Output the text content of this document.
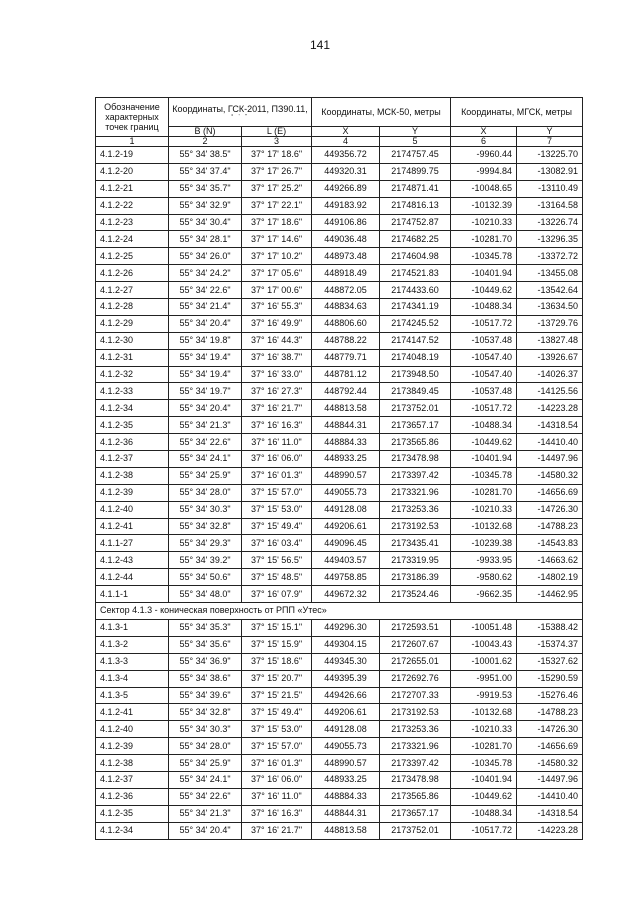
141
Обозначение характерных точек границ	Координаты, ГСК-2011, ПЗ90.11,
° ' "		Координаты, МСК-50, метры		Координаты, МГСК, метры	
	B (N)	L (E)	X	Y	X	Y
1	2	3	4	5	6	7
4.1.2-19	55° 34' 38.5"	37° 17' 18.6"	449356.72	2174757.45	-9960.44	-13225.70
4.1.2-20	55° 34' 37.4"	37° 17' 26.7"	449320.31	2174899.75	-9994.84	-13082.91
4.1.2-21	55° 34' 35.7"	37° 17' 25.2"	449266.89	2174871.41	-10048.65	-13110.49
4.1.2-22	55° 34' 32.9"	37° 17' 22.1"	449183.92	2174816.13	-10132.39	-13164.58
4.1.2-23	55° 34' 30.4"	37° 17' 18.6"	449106.86	2174752.87	-10210.33	-13226.74
4.1.2-24	55° 34' 28.1"	37° 17' 14.6"	449036.48	2174682.25	-10281.70	-13296.35
4.1.2-25	55° 34' 26.0"	37° 17' 10.2"	448973.48	2174604.98	-10345.78	-13372.72
4.1.2-26	55° 34' 24.2"	37° 17' 05.6"	448918.49	2174521.83	-10401.94	-13455.08
4.1.2-27	55° 34' 22.6"	37° 17' 00.6"	448872.05	2174433.60	-10449.62	-13542.64
4.1.2-28	55° 34' 21.4"	37° 16' 55.3"	448834.63	2174341.19	-10488.34	-13634.50
4.1.2-29	55° 34' 20.4"	37° 16' 49.9"	448806.60	2174245.52	-10517.72	-13729.76
4.1.2-30	55° 34' 19.8"	37° 16' 44.3"	448788.22	2174147.52	-10537.48	-13827.48
4.1.2-31	55° 34' 19.4"	37° 16' 38.7"	448779.71	2174048.19	-10547.40	-13926.67
4.1.2-32	55° 34' 19.4"	37° 16' 33.0"	448781.12	2173948.50	-10547.40	-14026.37
4.1.2-33	55° 34' 19.7"	37° 16' 27.3"	448792.44	2173849.45	-10537.48	-14125.56
4.1.2-34	55° 34' 20.4"	37° 16' 21.7"	448813.58	2173752.01	-10517.72	-14223.28
4.1.2-35	55° 34' 21.3"	37° 16' 16.3"	448844.31	2173657.17	-10488.34	-14318.54
4.1.2-36	55° 34' 22.6"	37° 16' 11.0"	448884.33	2173565.86	-10449.62	-14410.40
4.1.2-37	55° 34' 24.1"	37° 16' 06.0"	448933.25	2173478.98	-10401.94	-14497.96
4.1.2-38	55° 34' 25.9"	37° 16' 01.3"	448990.57	2173397.42	-10345.78	-14580.32
4.1.2-39	55° 34' 28.0"	37° 15' 57.0"	449055.73	2173321.96	-10281.70	-14656.69
4.1.2-40	55° 34' 30.3"	37° 15' 53.0"	449128.08	2173253.36	-10210.33	-14726.30
4.1.2-41	55° 34' 32.8"	37° 15' 49.4"	449206.61	2173192.53	-10132.68	-14788.23
4.1.1-27	55° 34' 29.3"	37° 16' 03.4"	449096.45	2173435.41	-10239.38	-14543.83
4.1.2-43	55° 34' 39.2"	37° 15' 56.5"	449403.57	2173319.95	-9933.95	-14663.62
4.1.2-44	55° 34' 50.6"	37° 15' 48.5"	449758.85	2173186.39	-9580.62	-14802.19
4.1.1-1	55° 34' 48.0"	37° 16' 07.9"	449672.32	2173524.46	-9662.35	-14462.95
Сектор 4.1.3 - коническая поверхность от РПП «Утес»						
4.1.3-1	55° 34' 35.3"	37° 15' 15.1"	449296.30	2172593.51	-10051.48	-15388.42
4.1.3-2	55° 34' 35.6"	37° 15' 15.9"	449304.15	2172607.67	-10043.43	-15374.37
4.1.3-3	55° 34' 36.9"	37° 15' 18.6"	449345.30	2172655.01	-10001.62	-15327.62
4.1.3-4	55° 34' 38.6"	37° 15' 20.7"	449395.39	2172692.76	-9951.00	-15290.59
4.1.3-5	55° 34' 39.6"	37° 15' 21.5"	449426.66	2172707.33	-9919.53	-15276.46
4.1.2-41	55° 34' 32.8"	37° 15' 49.4"	449206.61	2173192.53	-10132.68	-14788.23
4.1.2-40	55° 34' 30.3"	37° 15' 53.0"	449128.08	2173253.36	-10210.33	-14726.30
4.1.2-39	55° 34' 28.0"	37° 15' 57.0"	449055.73	2173321.96	-10281.70	-14656.69
4.1.2-38	55° 34' 25.9"	37° 16' 01.3"	448990.57	2173397.42	-10345.78	-14580.32
4.1.2-37	55° 34' 24.1"	37° 16' 06.0"	448933.25	2173478.98	-10401.94	-14497.96
4.1.2-36	55° 34' 22.6"	37° 16' 11.0"	448884.33	2173565.86	-10449.62	-14410.40
4.1.2-35	55° 34' 21.3"	37° 16' 16.3"	448844.31	2173657.17	-10488.34	-14318.54
4.1.2-34	55° 34' 20.4"	37° 16' 21.7"	448813.58	2173752.01	-10517.72	-14223.28
